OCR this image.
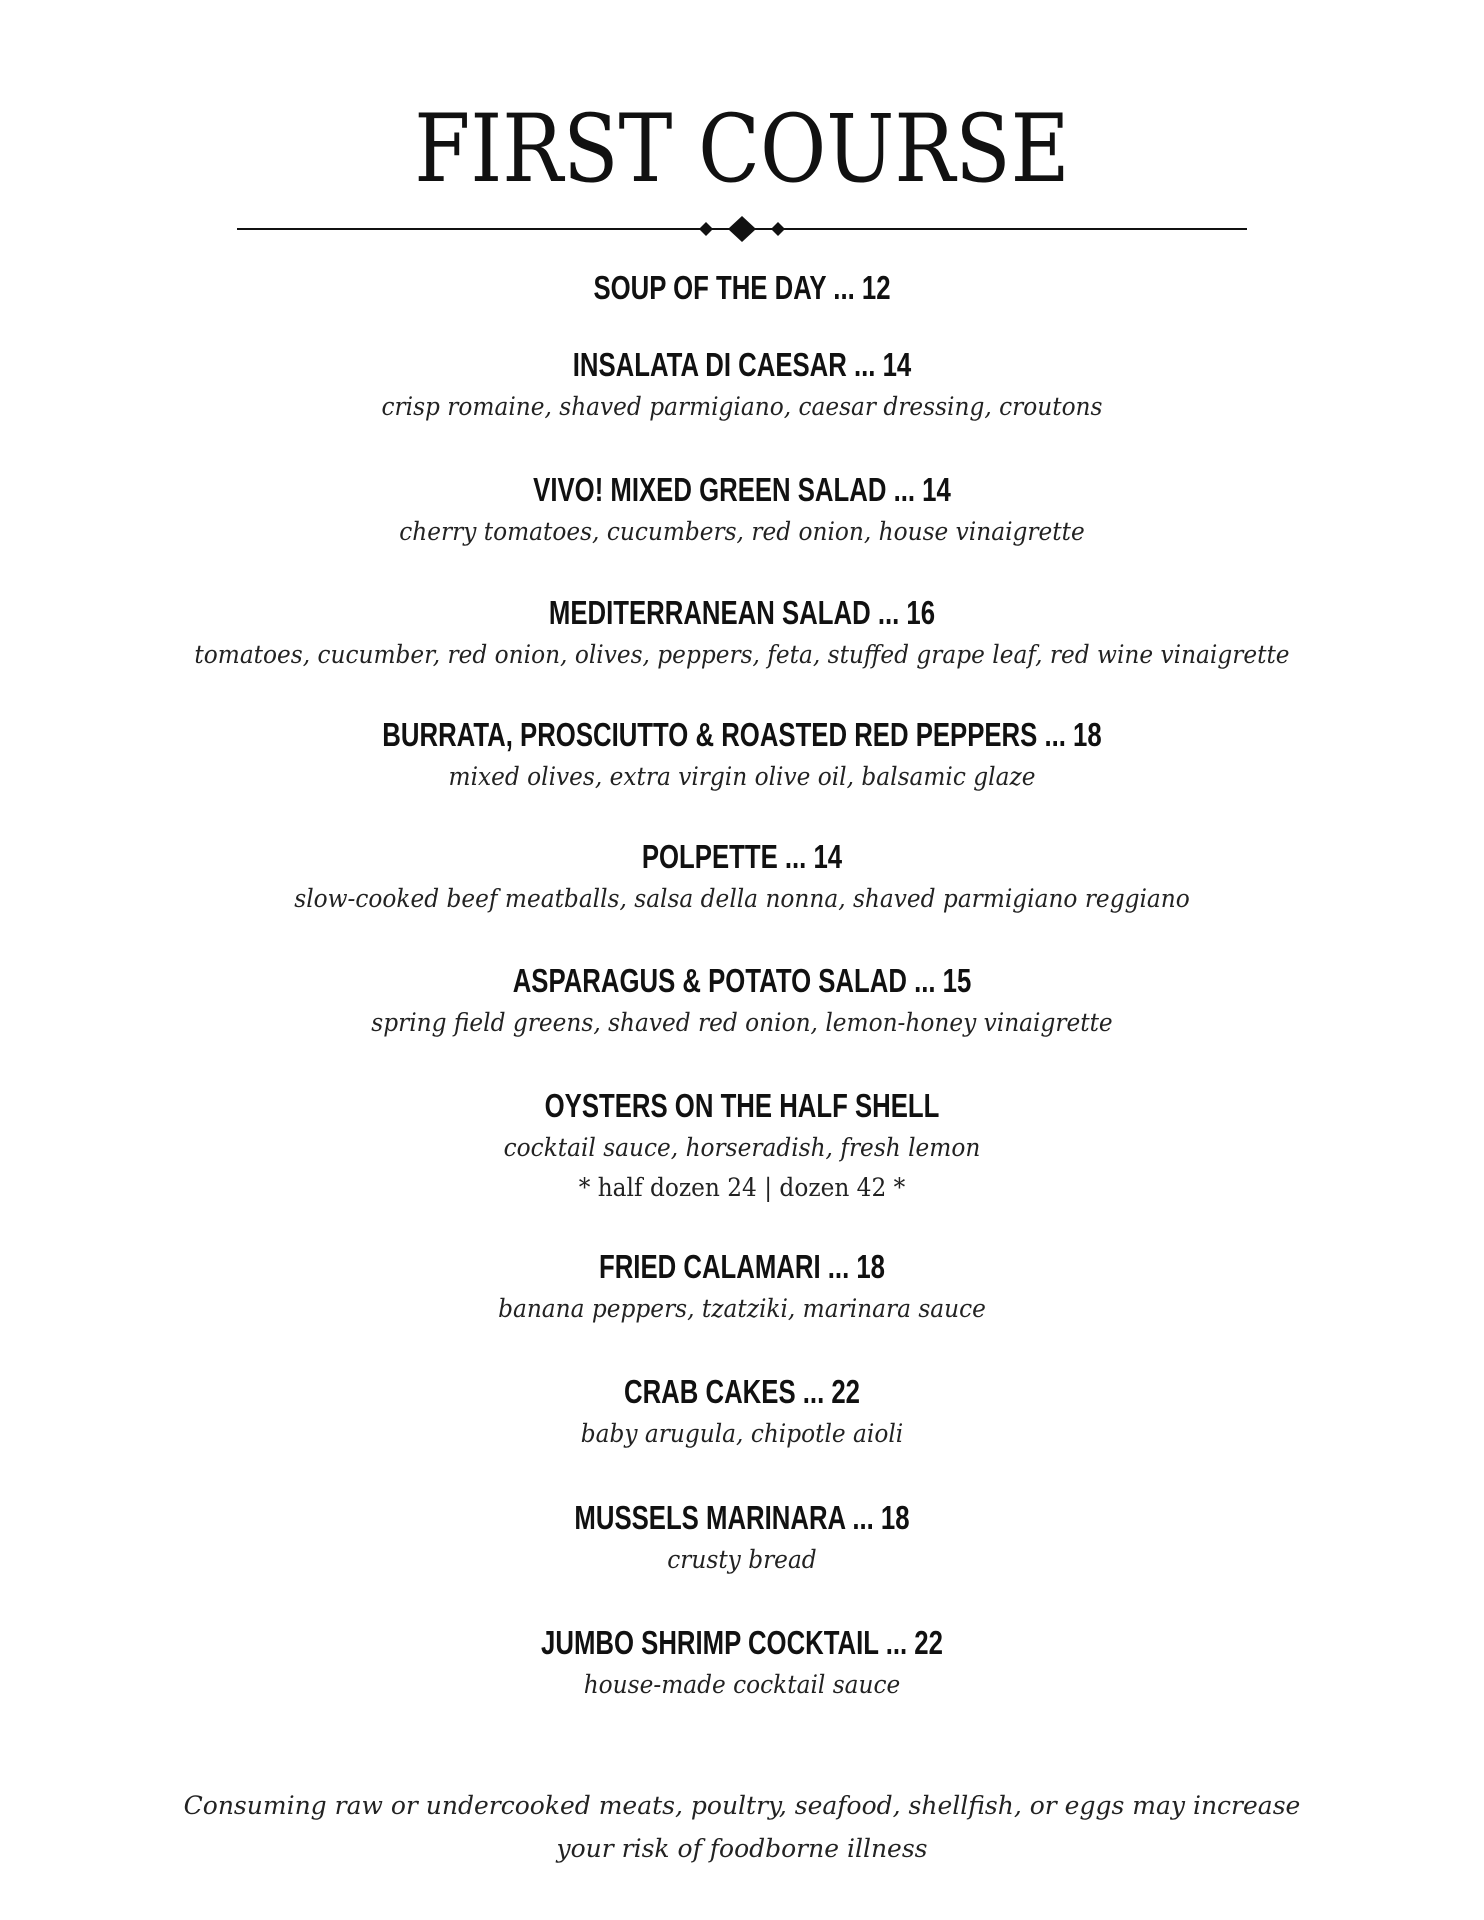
FIRST COURSE
SOUP OF THE DAY ... 12
INSALATA DI CAESAR ... 14
crisp romaine, shaved parmigiano, caesar dressing, croutons
VIVO! MIXED GREEN SALAD ... 14
cherry tomatoes, cucumbers, red onion, house vinaigrette
MEDITERRANEAN SALAD ... 16
tomatoes, cucumber, red onion, olives, peppers, feta, stuffed grape leaf, red wine vinaigrette
BURRATA, PROSCIUTTO & ROASTED RED PEPPERS ... 18
mixed olives, extra virgin olive oil, balsamic glaze
POLPETTE ... 14
slow-cooked beef meatballs, salsa della nonna, shaved parmigiano reggiano
ASPARAGUS & POTATO SALAD ... 15
spring field greens, shaved red onion, lemon-honey vinaigrette
OYSTERS ON THE HALF SHELL
cocktail sauce, horseradish, fresh lemon
* half dozen 24 | dozen 42 *
FRIED CALAMARI ... 18
banana peppers, tzatziki, marinara sauce
CRAB CAKES ... 22
baby arugula, chipotle aioli
MUSSELS MARINARA ... 18
crusty bread
JUMBO SHRIMP COCKTAIL ... 22
house-made cocktail sauce
Consuming raw or undercooked meats, poultry, seafood, shellfish, or eggs may increase your risk of foodborne illness
